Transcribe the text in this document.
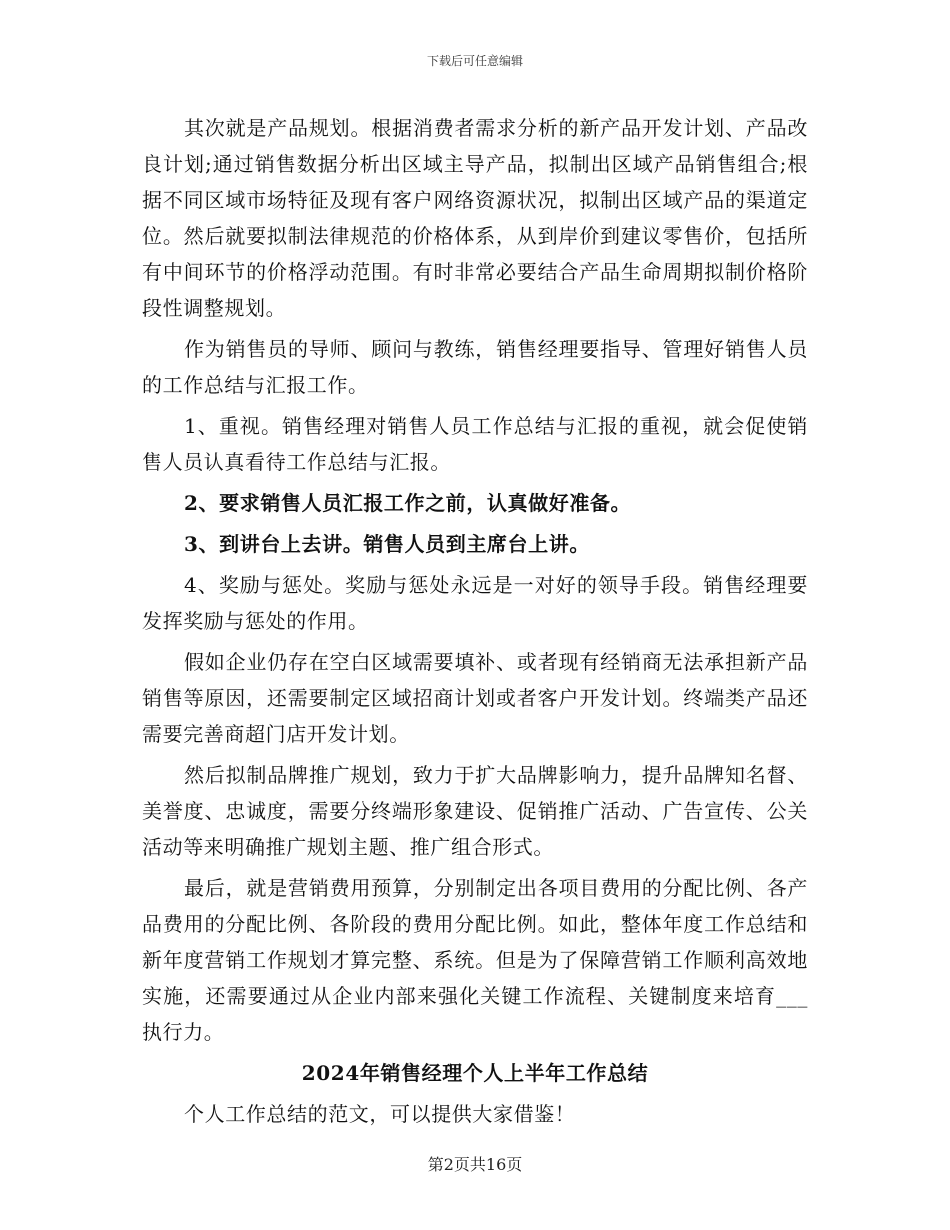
下载后可任意编辑

其次就是产品规划。根据消费者需求分析的新产品开发计划、产品改良计划;通过销售数据分析出区域主导产品，拟制出区域产品销售组合;根据不同区域市场特征及现有客户网络资源状况，拟制出区域产品的渠道定位。然后就要拟制法律规范的价格体系，从到岸价到建议零售价，包括所有中间环节的价格浮动范围。有时非常必要结合产品生命周期拟制价格阶段性调整规划。

作为销售员的导师、顾问与教练，销售经理要指导、管理好销售人员的工作总结与汇报工作。

1、重视。销售经理对销售人员工作总结与汇报的重视，就会促使销售人员认真看待工作总结与汇报。

2、要求销售人员汇报工作之前，认真做好准备。

3、到讲台上去讲。销售人员到主席台上讲。

4、奖励与惩处。奖励与惩处永远是一对好的领导手段。销售经理要发挥奖励与惩处的作用。

假如企业仍存在空白区域需要填补、或者现有经销商无法承担新产品销售等原因，还需要制定区域招商计划或者客户开发计划。终端类产品还需要完善商超门店开发计划。

然后拟制品牌推广规划，致力于扩大品牌影响力，提升品牌知名督、美誉度、忠诚度，需要分终端形象建设、促销推广活动、广告宣传、公关活动等来明确推广规划主题、推广组合形式。

最后，就是营销费用预算，分别制定出各项目费用的分配比例、各产品费用的分配比例、各阶段的费用分配比例。如此，整体年度工作总结和新年度营销工作规划才算完整、系统。但是为了保障营销工作顺利高效地实施，还需要通过从企业内部来强化关键工作流程、关键制度来培育___执行力。

2024年销售经理个人上半年工作总结

个人工作总结的范文，可以提供大家借鉴！

第2页共16页
